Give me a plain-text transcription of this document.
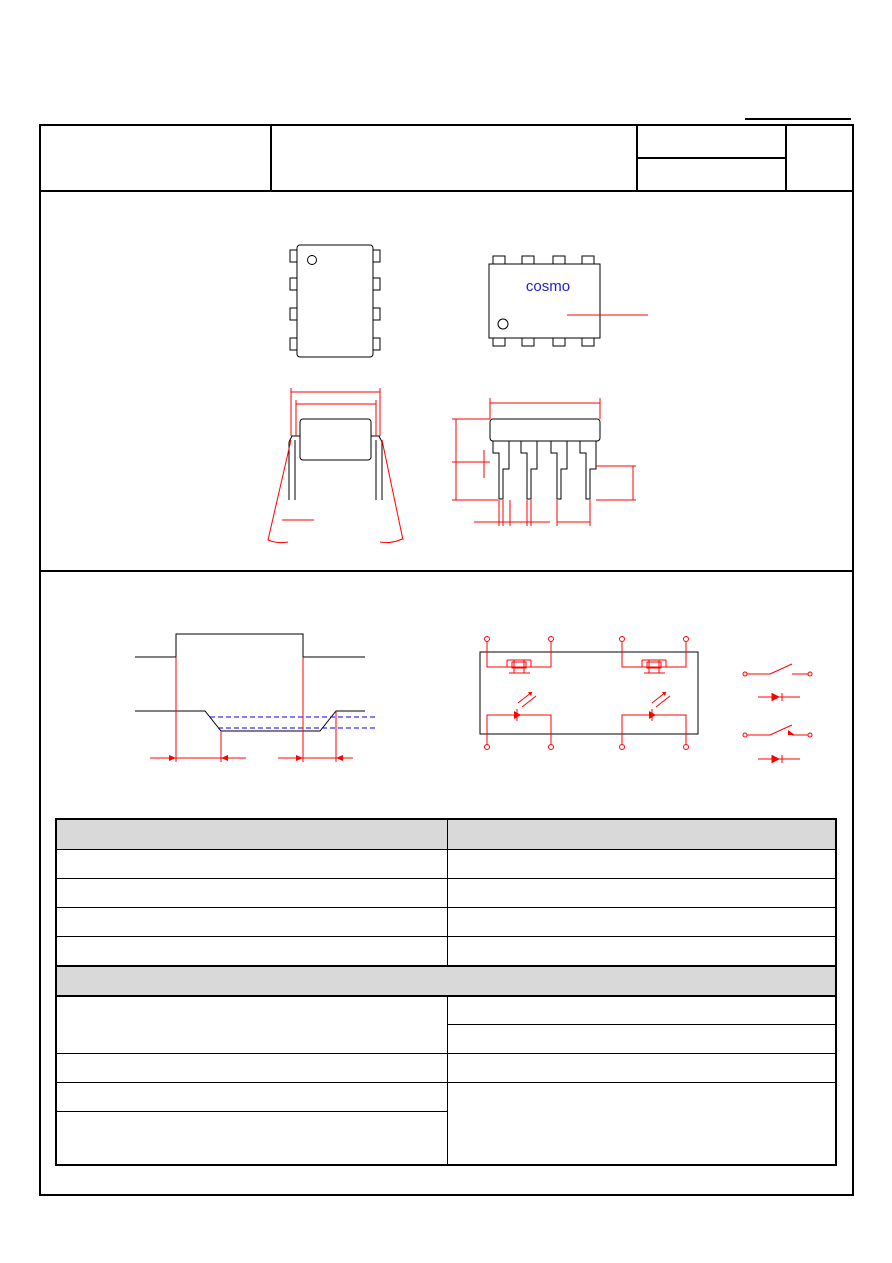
cosmo
